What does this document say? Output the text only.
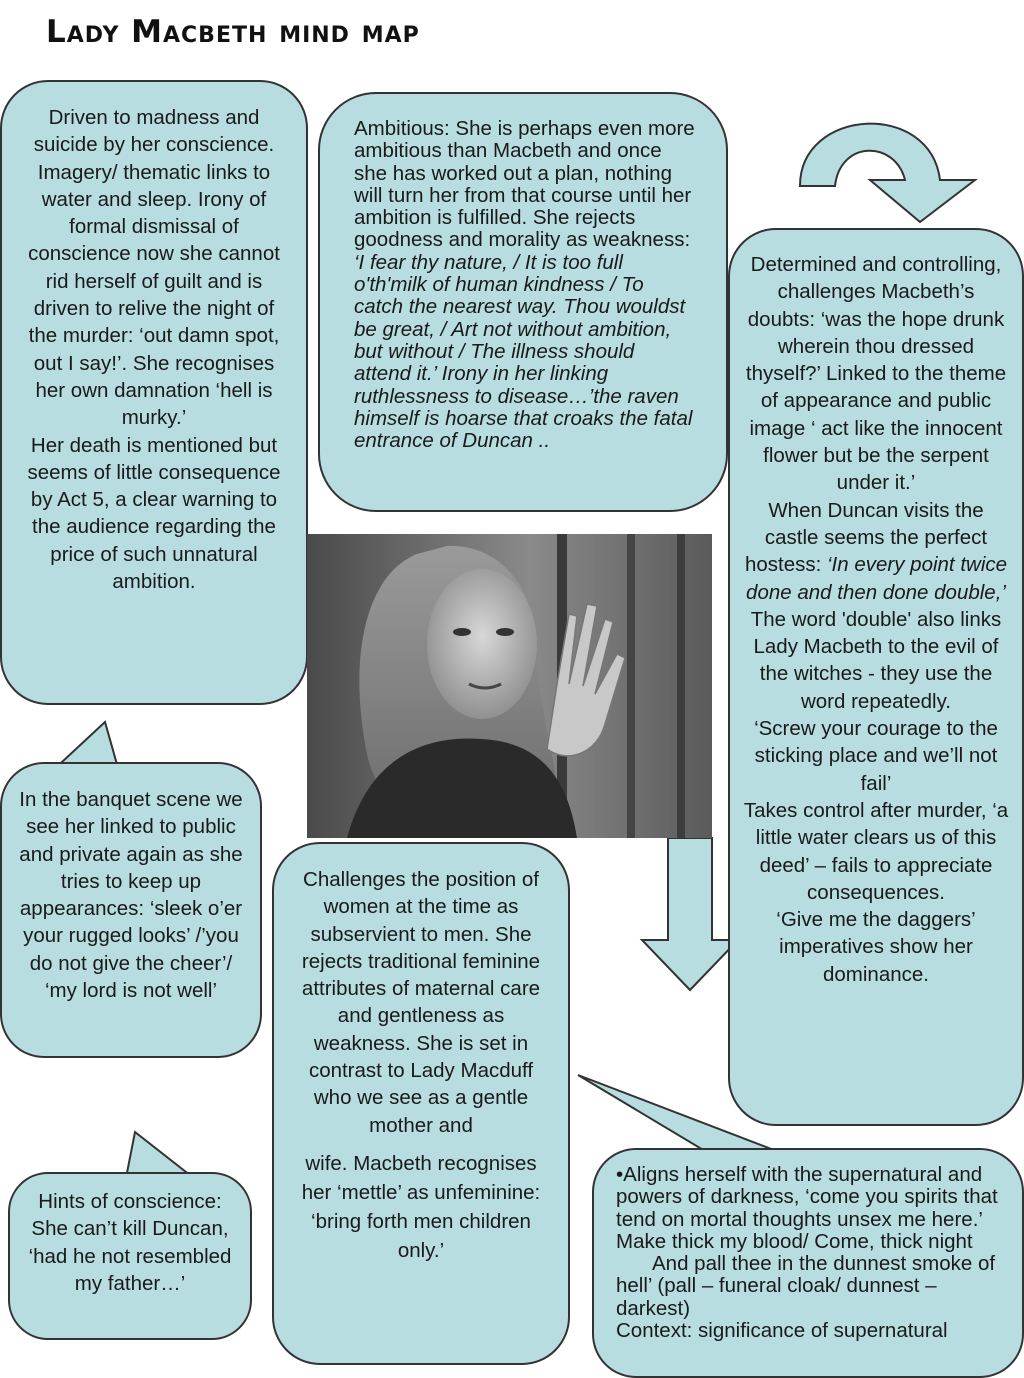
Lady Macbeth mind map

Driven to madness and suicide by her conscience.

Imagery/ thematic links to water and sleep. Irony of formal dismissal of conscience now she cannot rid herself of guilt and is driven to relive the night of the murder: ‘out damn spot, out I say!’. She recognises her own damnation ‘hell is murky.’

Her death is mentioned but seems of little consequence by Act 5, a clear warning to the audience regarding the price of such unnatural ambition.

Ambitious: She is perhaps even more ambitious than Macbeth and once she has worked out a plan, nothing will turn her from that course until her ambition is fulfilled. She rejects goodness and morality as weakness: ‘I fear thy nature, / It is too full o'th'milk of human kindness / To catch the nearest way. Thou wouldst be great, / Art not without ambition, but without / The illness should attend it.’ Irony in her linking ruthlessness to disease…’the raven himself is hoarse that croaks the fatal entrance of Duncan ..

Determined and controlling, challenges Macbeth’s doubts: ‘was the hope drunk wherein thou dressed thyself?’ Linked to the theme of appearance and public image ‘ act like the innocent flower but be the serpent under it.’

When Duncan visits the castle seems the perfect hostess: ‘In every point twice done and then done double,’

The word 'double' also links Lady Macbeth to the evil of the witches - they use the word repeatedly.

‘Screw your courage to the sticking place and we’ll not fail’

Takes control after murder, ‘a little water clears us of this deed’ – fails to appreciate consequences.

‘Give me the daggers’ imperatives show her dominance.

In the banquet scene we see her linked to public and private again as she tries to keep up appearances: ‘sleek o’er your rugged looks’ /’you do not give the cheer’/ ‘my lord is not well’

Challenges the position of women at the time as subservient to men. She rejects traditional feminine attributes of maternal care and gentleness as weakness. She is set in contrast to Lady Macduff who we see as a gentle mother and

wife. Macbeth recognises her ‘mettle’ as unfeminine: ‘bring forth men children only.’

Hints of conscience: She can’t kill Duncan, ‘had he not resembled my father…’

•Aligns herself with the supernatural and powers of darkness, ‘come you spirits that tend on mortal thoughts unsex me here.’ Make thick my blood/ Come, thick night

And pall thee in the dunnest smoke of hell’ (pall – funeral cloak/ dunnest – darkest)

Context: significance of supernatural
